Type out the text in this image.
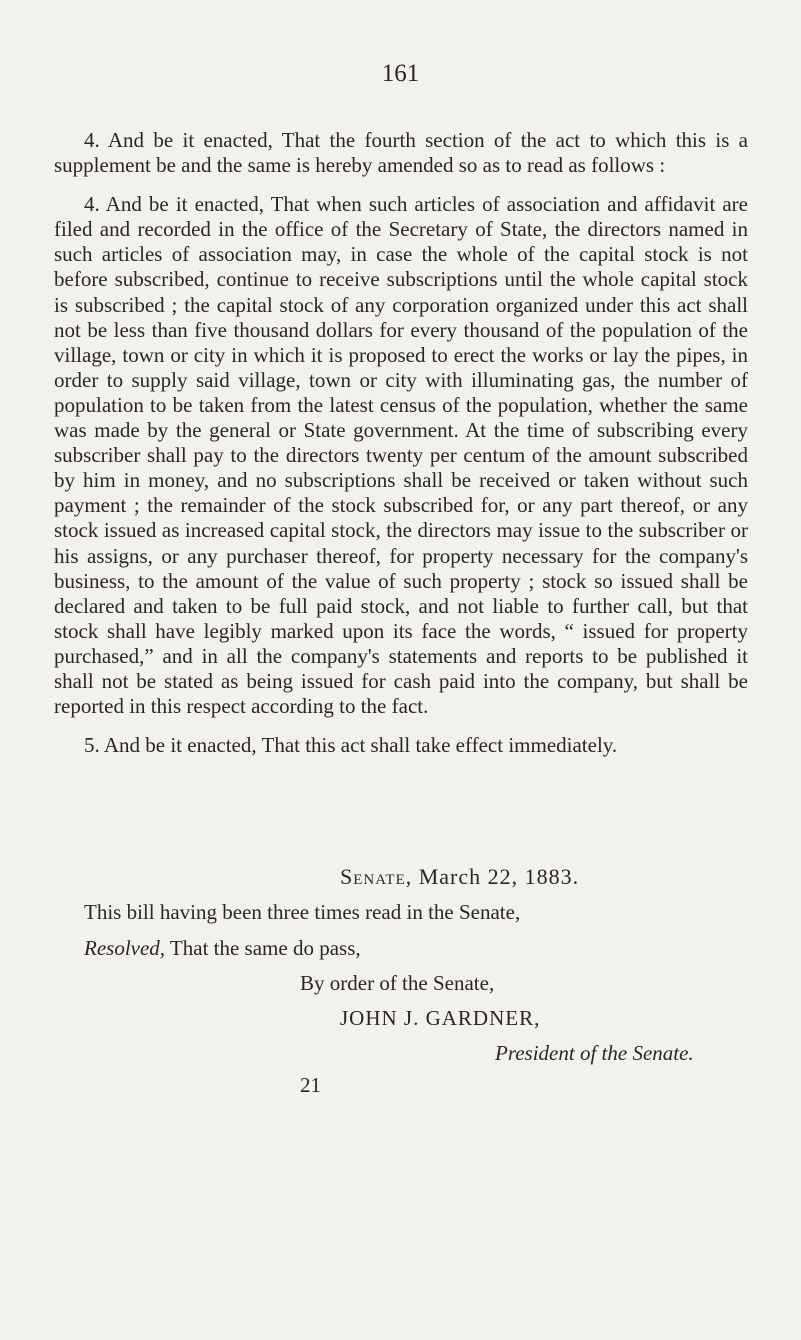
161

4. And be it enacted, That the fourth section of the act to which this is a supplement be and the same is hereby amended so as to read as follows :

4. And be it enacted, That when such articles of association and affidavit are filed and recorded in the office of the Secretary of State, the directors named in such articles of association may, in case the whole of the capital stock is not before subscribed, continue to receive subscriptions until the whole capital stock is subscribed ; the capital stock of any corporation organized under this act shall not be less than five thousand dollars for every thousand of the population of the village, town or city in which it is proposed to erect the works or lay the pipes, in order to supply said village, town or city with illuminating gas, the number of population to be taken from the latest census of the population, whether the same was made by the general or State government. At the time of subscribing every subscriber shall pay to the directors twenty per centum of the amount subscribed by him in money, and no subscriptions shall be received or taken without such payment ; the remainder of the stock subscribed for, or any part thereof, or any stock issued as increased capital stock, the directors may issue to the subscriber or his assigns, or any purchaser thereof, for property necessary for the company's business, to the amount of the value of such property ; stock so issued shall be declared and taken to be full paid stock, and not liable to further call, but that stock shall have legibly marked upon its face the words, “ issued for property purchased,” and in all the company's statements and reports to be published it shall not be stated as being issued for cash paid into the company, but shall be reported in this respect according to the fact.

5. And be it enacted, That this act shall take effect immediately.

Senate, March 22, 1883.
This bill having been three times read in the Senate,
Resolved, That the same do pass,
By order of the Senate,
JOHN J. GARDNER,
President of the Senate.
21
